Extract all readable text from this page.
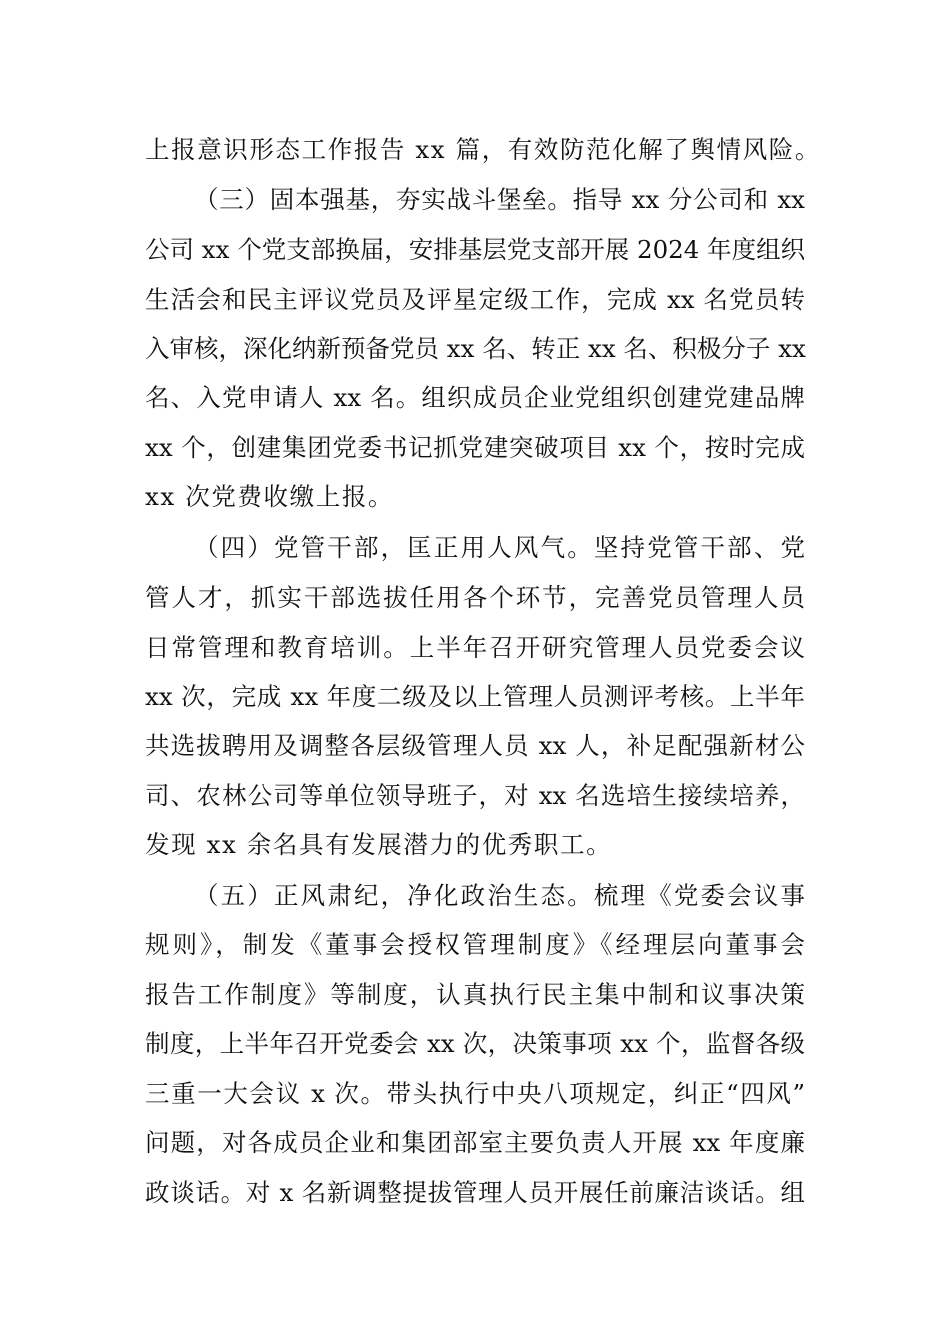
上报意识形态工作报告 xx 篇，有效防范化解了舆情风险。
（三）固本强基，夯实战斗堡垒。指导 xx 分公司和 xx
公司 xx 个党支部换届，安排基层党支部开展 2024 年度组织
生活会和民主评议党员及评星定级工作，完成 xx 名党员转
入审核，深化纳新预备党员 xx 名、转正 xx 名、积极分子 xx
名、入党申请人 xx 名。组织成员企业党组织创建党建品牌
xx 个，创建集团党委书记抓党建突破项目 xx 个，按时完成
xx 次党费收缴上报。
（四）党管干部，匡正用人风气。坚持党管干部、党
管人才，抓实干部选拔任用各个环节，完善党员管理人员
日常管理和教育培训。上半年召开研究管理人员党委会议
xx 次，完成 xx 年度二级及以上管理人员测评考核。上半年
共选拔聘用及调整各层级管理人员 xx 人，补足配强新材公
司、农林公司等单位领导班子，对 xx 名选培生接续培养，
发现 xx 余名具有发展潜力的优秀职工。
（五）正风肃纪，净化政治生态。梳理《党委会议事
规则》，制发《董事会授权管理制度》《经理层向董事会
报告工作制度》等制度，认真执行民主集中制和议事决策
制度，上半年召开党委会 xx 次，决策事项 xx 个，监督各级
三重一大会议 x 次。带头执行中央八项规定，纠正“四风”
问题，对各成员企业和集团部室主要负责人开展 xx 年度廉
政谈话。对 x 名新调整提拔管理人员开展任前廉洁谈话。组
